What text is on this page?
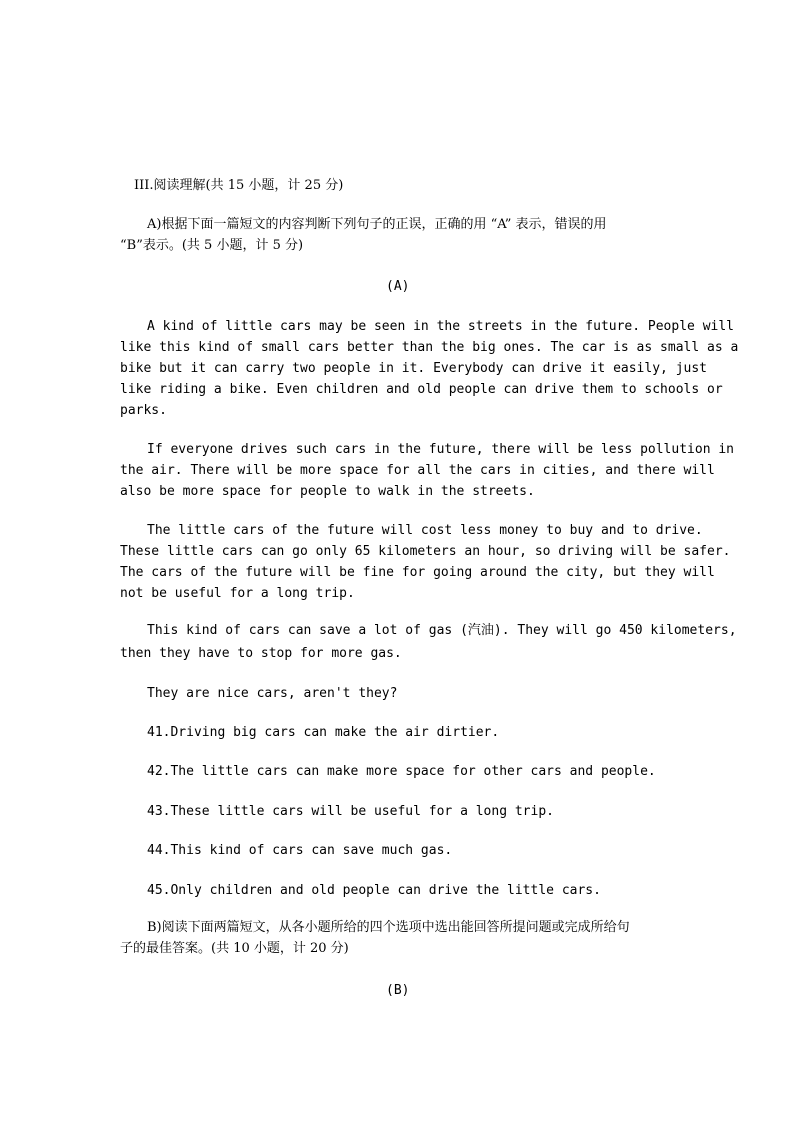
III.阅读理解(共 15 小题，计 25 分)
A)根据下面一篇短文的内容判断下列句子的正误，正确的用 “A” 表示，错误的用
“B”表示。(共 5 小题，计 5 分)
(A)
A kind of little cars may be seen in the streets in the future. People will
like this kind of small cars better than the big ones. The car is as small as a
bike but it can carry two people in it. Everybody can drive it easily, just
like riding a bike. Even children and old people can drive them to schools or
parks.
If everyone drives such cars in the future, there will be less pollution in
the air. There will be more space for all the cars in cities, and there will
also be more space for people to walk in the streets.
The little cars of the future will cost less money to buy and to drive.
These little cars can go only 65 kilometers an hour, so driving will be safer.
The cars of the future will be fine for going around the city, but they will
not be useful for a long trip.
This kind of cars can save a lot of gas (汽油). They will go 450 kilometers,
then they have to stop for more gas.
They are nice cars, aren't they?
41.Driving big cars can make the air dirtier.
42.The little cars can make more space for other cars and people.
43.These little cars will be useful for a long trip.
44.This kind of cars can save much gas.
45.Only children and old people can drive the little cars.
B)阅读下面两篇短文，从各小题所给的四个选项中选出能回答所提问题或完成所给句
子的最佳答案。(共 10 小题，计 20 分)
(B)
